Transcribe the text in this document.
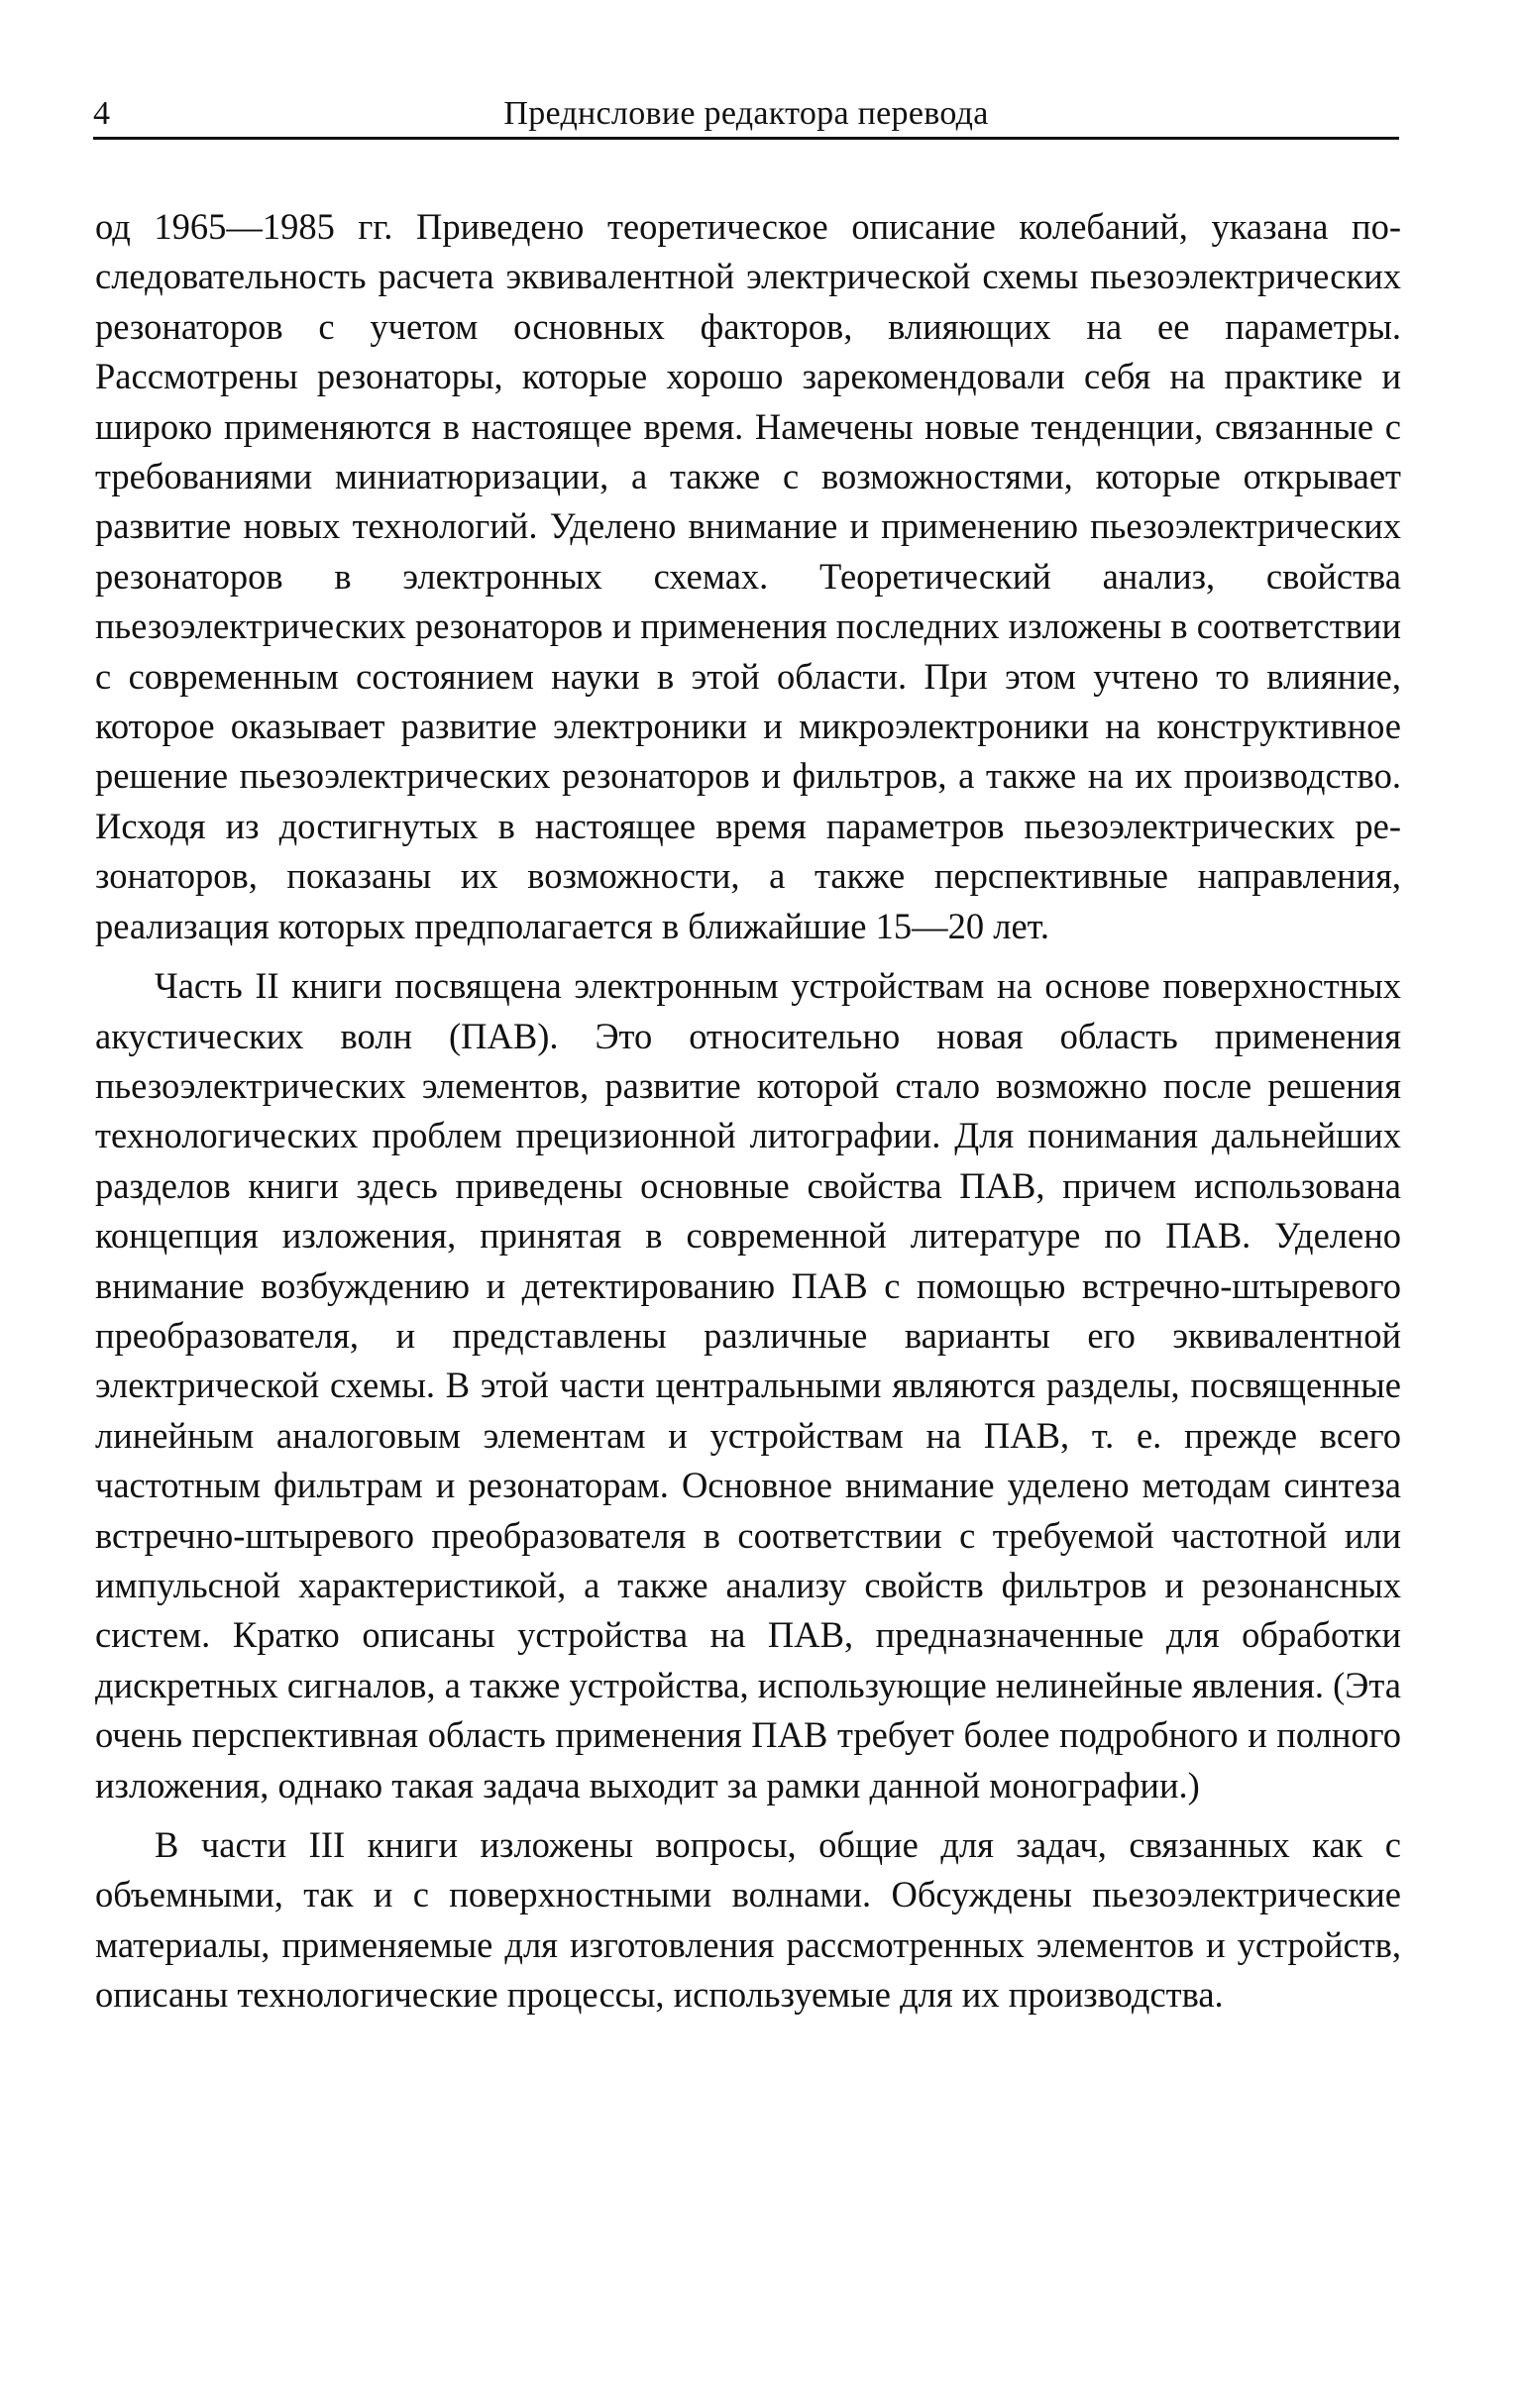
4	Преднсловие редактора перевода

од 1965—1985 гг. Приведено теоретическое описание колебаний, указана последовательность расчета эквивалентной электрической схемы пьезоэлектрических резонаторов с учетом основных факторов, влияющих на ее параметры. Рассмотрены резонаторы, которые хорошо зарекомендовали себя на практике и широко применяются в настоящее время. Намечены новые тенденции, связанные с требованиями миниатюризации, а также с возможностями, которые открывает развитие новых технологий. Уделено внимание и применению пьезоэлектрических резонаторов в электронных схемах. Теоретический анализ, свойства пьезоэлектрических резонаторов и применения последних изложены в соответствии с современным состоянием науки в этой области. При этом учтено то влияние, которое оказывает развитие электроники и микроэлектроники на конструктивное решение пьезоэлектрических резонаторов и фильтров, а также на их производство. Исходя из достигнутых в настоящее время параметров пьезоэлектрических резонаторов, показаны их возможности, а также перспективные направления, реализация которых предполагается в ближайшие 15—20 лет.

Часть II книги посвящена электронным устройствам на основе поверхностных акустических волн (ПАВ). Это относительно новая область применения пьезоэлектрических элементов, развитие которой стало возможно после решения технологических проблем прецизионной литографии. Для понимания дальнейших разделов книги здесь приведены основные свойства ПАВ, причем использована концепция изложения, принятая в современной литературе по ПАВ. Уделено внимание возбуждению и детектированию ПАВ с помощью встречно-штыревого преобразователя, и представлены различные варианты его эквивалентной электрической схемы. В этой части центральными являются разделы, посвященные линейным аналоговым элементам и устройствам на ПАВ, т. е. прежде всего частотным фильтрам и резонаторам. Основное внимание уделено методам синтеза встречно-штыревого преобразователя в соответствии с требуемой частотной или импульсной характеристикой, а также анализу свойств фильтров и резонансных систем. Кратко описаны устройства на ПАВ, предназначенные для обработки дискретных сигналов, а также устройства, использующие нелинейные явления. (Эта очень перспективная область применения ПАВ требует более подробного и полного изложения, однако такая задача выходит за рамки данной монографии.)

В части III книги изложены вопросы, общие для задач, связанных как с объемными, так и с поверхностными волнами. Обсуждены пьезоэлектрические материалы, применяемые для изготовления рассмотренных элементов и устройств, описаны технологические процессы, используемые для их производства.
